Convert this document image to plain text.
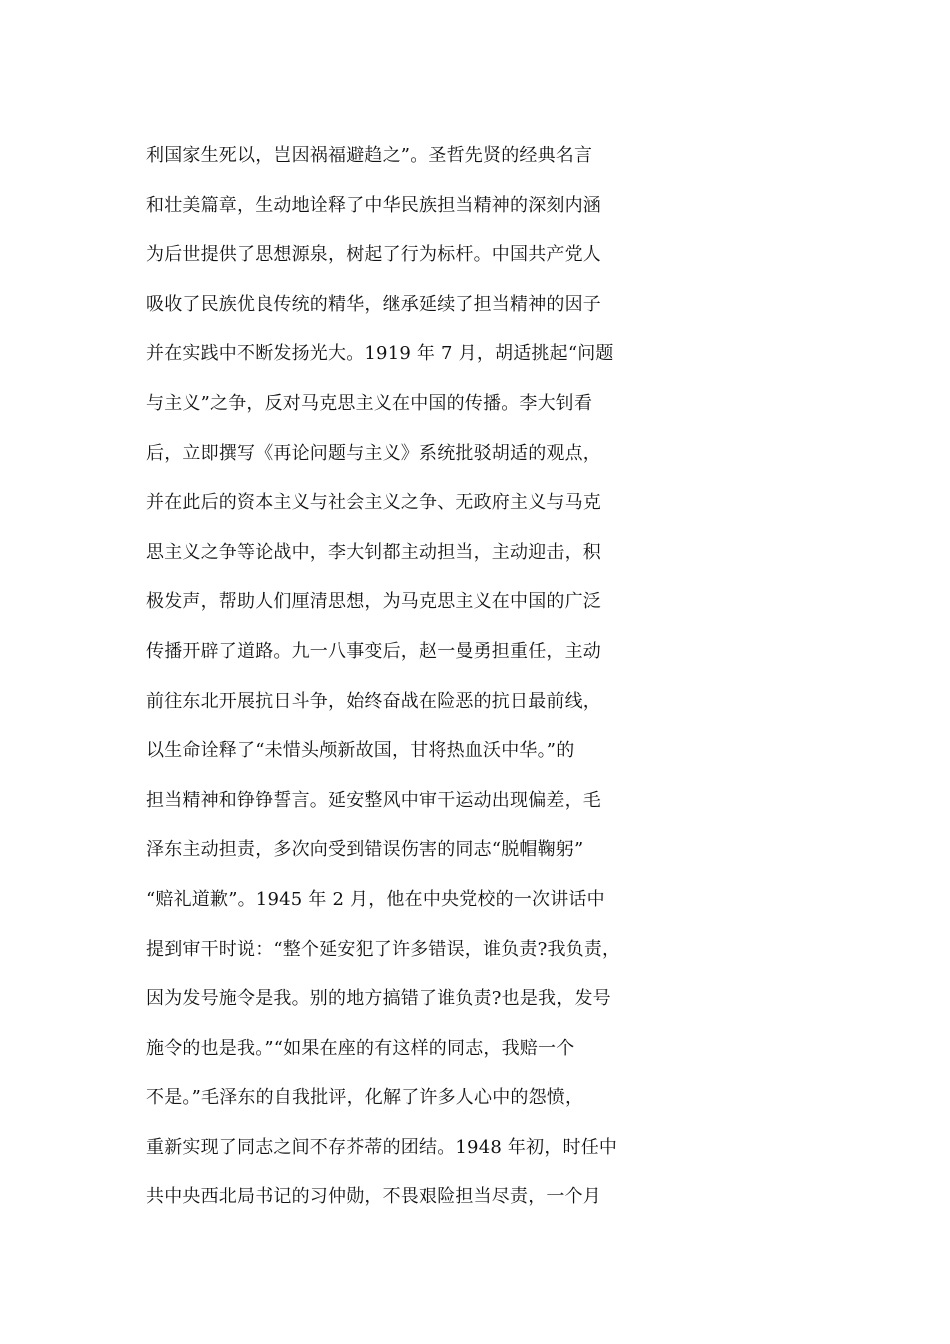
利国家生死以，岂因祸福避趋之”。圣哲先贤的经典名言
和壮美篇章，生动地诠释了中华民族担当精神的深刻内涵
为后世提供了思想源泉，树起了行为标杆。中国共产党人
吸收了民族优良传统的精华，继承延续了担当精神的因子
并在实践中不断发扬光大。1919 年 7 月，胡适挑起“问题
与主义”之争，反对马克思主义在中国的传播。李大钊看
后，立即撰写《再论问题与主义》系统批驳胡适的观点，
并在此后的资本主义与社会主义之争、无政府主义与马克
思主义之争等论战中，李大钊都主动担当，主动迎击，积
极发声，帮助人们厘清思想，为马克思主义在中国的广泛
传播开辟了道路。九一八事变后，赵一曼勇担重任，主动
前往东北开展抗日斗争，始终奋战在险恶的抗日最前线，
以生命诠释了“未惜头颅新故国，甘将热血沃中华。”的
担当精神和铮铮誓言。延安整风中审干运动出现偏差，毛
泽东主动担责，多次向受到错误伤害的同志“脱帽鞠躬”
“赔礼道歉”。1945 年 2 月，他在中央党校的一次讲话中
提到审干时说：“整个延安犯了许多错误，谁负责?我负责，
因为发号施令是我。别的地方搞错了谁负责?也是我，发号
施令的也是我。”“如果在座的有这样的同志，我赔一个
不是。”毛泽东的自我批评，化解了许多人心中的怨愤，
重新实现了同志之间不存芥蒂的团结。1948 年初，时任中
共中央西北局书记的习仲勋，不畏艰险担当尽责，一个月
